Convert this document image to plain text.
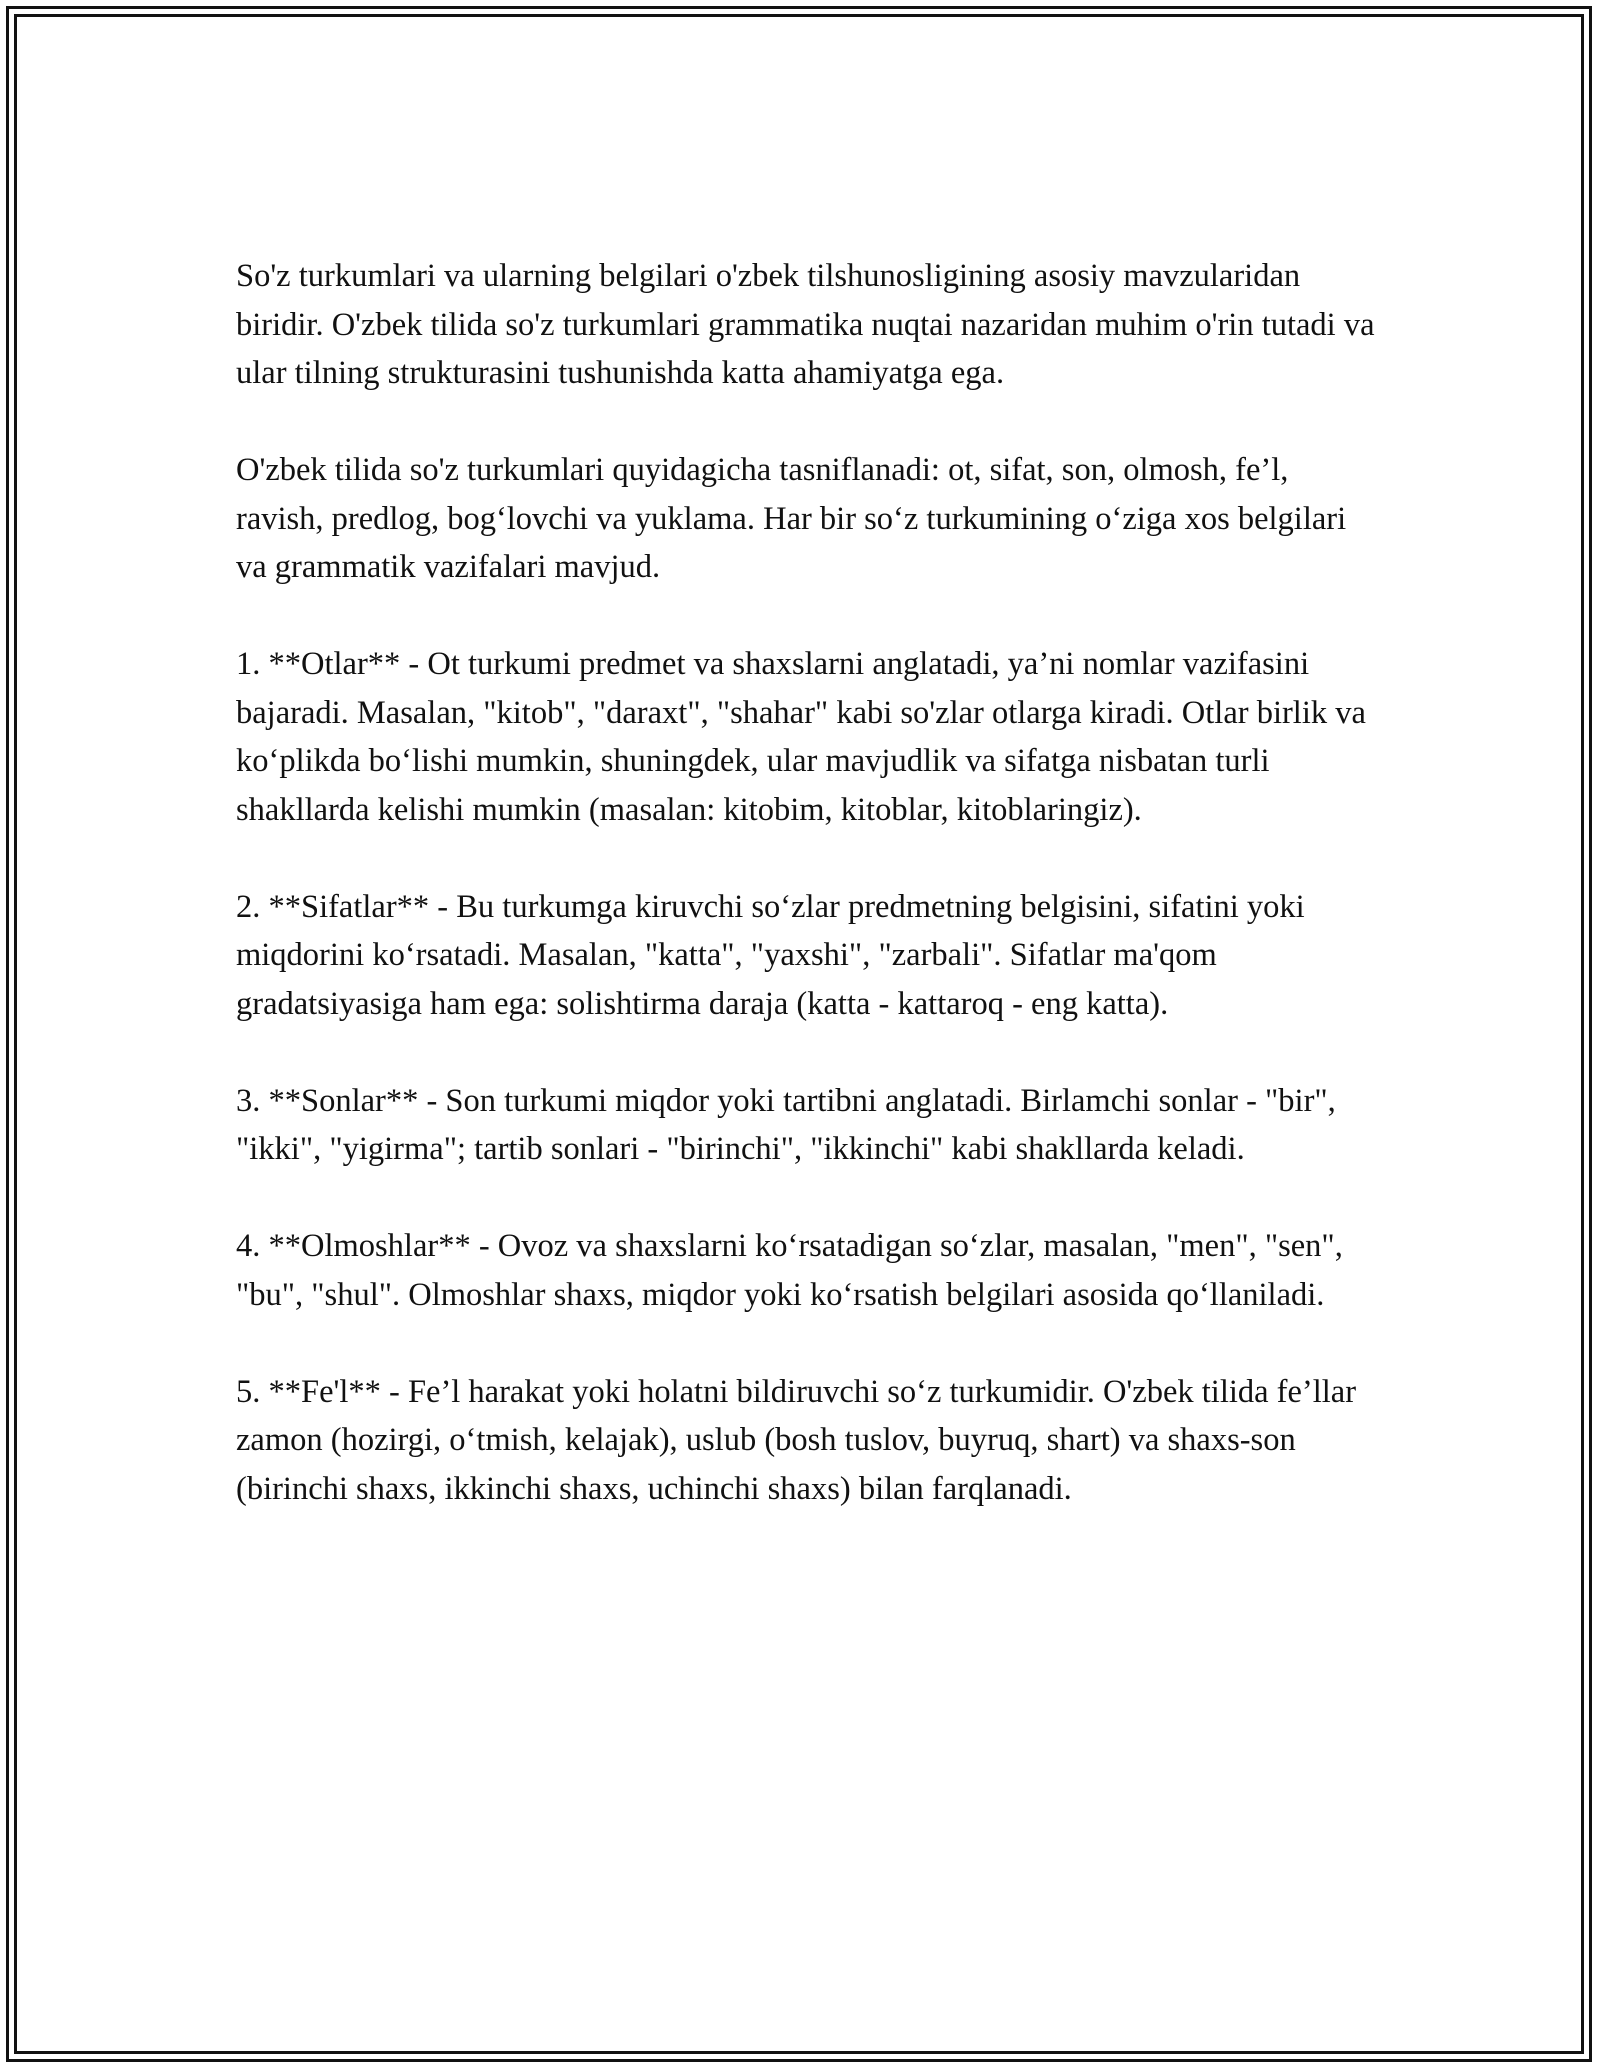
So'z turkumlari va ularning belgilari o'zbek tilshunosligining asosiy mavzularidan biridir. O'zbek tilida so'z turkumlari grammatika nuqtai nazaridan muhim o'rin tutadi va ular tilning strukturasini tushunishda katta ahamiyatga ega.

O'zbek tilida so'z turkumlari quyidagicha tasniflanadi: ot, sifat, son, olmosh, fe’l, ravish, predlog, bog‘lovchi va yuklama. Har bir so‘z turkumining o‘ziga xos belgilari va grammatik vazifalari mavjud.

1. **Otlar** - Ot turkumi predmet va shaxslarni anglatadi, ya’ni nomlar vazifasini bajaradi. Masalan, "kitob", "daraxt", "shahar" kabi so'zlar otlarga kiradi. Otlar birlik va ko‘plikda bo‘lishi mumkin, shuningdek, ular mavjudlik va sifatga nisbatan turli shakllarda kelishi mumkin (masalan: kitobim, kitoblar, kitoblaringiz).

2. **Sifatlar** - Bu turkumga kiruvchi so‘zlar predmetning belgisini, sifatini yoki miqdorini ko‘rsatadi. Masalan, "katta", "yaxshi", "zarbali". Sifatlar ma'qom gradatsiyasiga ham ega: solishtirma daraja (katta - kattaroq - eng katta).

3. **Sonlar** - Son turkumi miqdor yoki tartibni anglatadi. Birlamchi sonlar - "bir", "ikki", "yigirma"; tartib sonlari - "birinchi", "ikkinchi" kabi shakllarda keladi.

4. **Olmoshlar** - Ovoz va shaxslarni ko‘rsatadigan so‘zlar, masalan, "men", "sen", "bu", "shul". Olmoshlar shaxs, miqdor yoki ko‘rsatish belgilari asosida qo‘llaniladi.

5. **Fe'l** - Fe’l harakat yoki holatni bildiruvchi so‘z turkumidir. O'zbek tilida fe’llar zamon (hozirgi, o‘tmish, kelajak), uslub (bosh tuslov, buyruq, shart) va shaxs-son (birinchi shaxs, ikkinchi shaxs, uchinchi shaxs) bilan farqlanadi.
